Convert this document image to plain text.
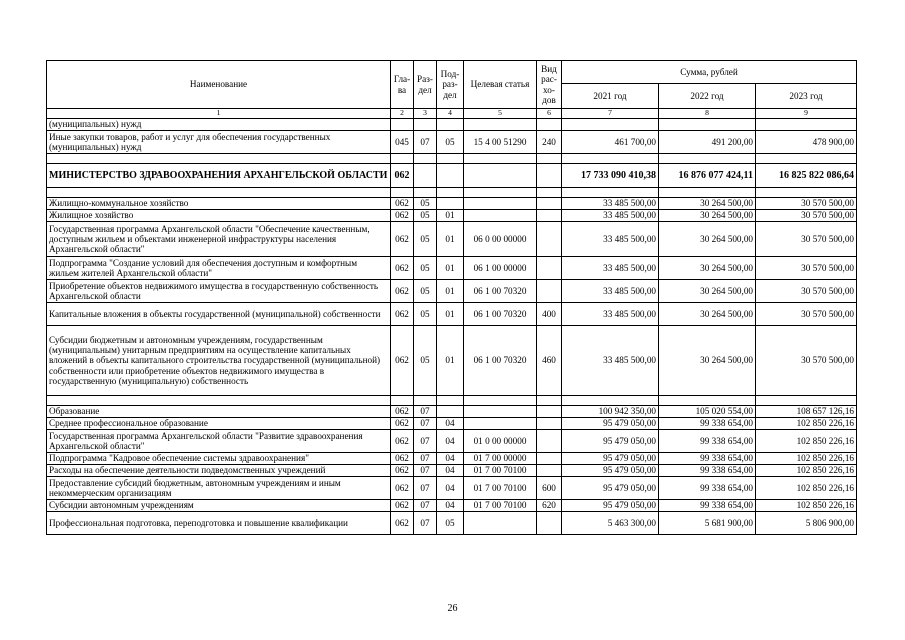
Наименование	Гла-ва	Раз-дел	Под-раз-дел	Целевая статья	Вид рас-хо-дов	Сумма, рублей		
						2021 год	2022 год	2023 год
1	2	3	4	5	6	7	8	9
(муниципальных) нужд								
Иные закупки товаров, работ и услуг для обеспечения государственных (муниципальных) нужд	045	07	05	15 4 00 51290	240	461 700,00	491 200,00	478 900,00

МИНИСТЕРСТВО ЗДРАВООХРАНЕНИЯ АРХАНГЕЛЬСКОЙ ОБЛАСТИ	062					17 733 090 410,38	16 876 077 424,11	16 825 822 086,64

Жилищно-коммунальное хозяйство	062	05				33 485 500,00	30 264 500,00	30 570 500,00
Жилищное хозяйство	062	05	01			33 485 500,00	30 264 500,00	30 570 500,00
Государственная программа Архангельской области "Обеспечение качественным, доступным жильем и объектами инженерной инфраструктуры населения Архангельской области"	062	05	01	06 0 00 00000		33 485 500,00	30 264 500,00	30 570 500,00
Подпрограмма "Создание условий для обеспечения доступным и комфортным жильем жителей Архангельской области"	062	05	01	06 1 00 00000		33 485 500,00	30 264 500,00	30 570 500,00
Приобретение объектов недвижимого имущества в государственную собственность Архангельской области	062	05	01	06 1 00 70320		33 485 500,00	30 264 500,00	30 570 500,00
Капитальные вложения в объекты государственной (муниципальной) собственности	062	05	01	06 1 00 70320	400	33 485 500,00	30 264 500,00	30 570 500,00
Субсидии бюджетным и автономным учреждениям, государственным (муниципальным) унитарным предприятиям на осуществление капитальных вложений в объекты капитального строительства государственной (муниципальной) собственности или приобретение объектов недвижимого имущества в государственную (муниципальную) собственность	062	05	01	06 1 00 70320	460	33 485 500,00	30 264 500,00	30 570 500,00

Образование	062	07				100 942 350,00	105 020 554,00	108 657 126,16
Среднее профессиональное образование	062	07	04			95 479 050,00	99 338 654,00	102 850 226,16
Государственная программа Архангельской области "Развитие здравоохранения Архангельской области"	062	07	04	01 0 00 00000		95 479 050,00	99 338 654,00	102 850 226,16
Подпрограмма "Кадровое обеспечение системы здравоохранения"	062	07	04	01 7 00 00000		95 479 050,00	99 338 654,00	102 850 226,16
Расходы на обеспечение деятельности подведомственных учреждений	062	07	04	01 7 00 70100		95 479 050,00	99 338 654,00	102 850 226,16
Предоставление субсидий бюджетным, автономным учреждениям и иным некоммерческим организациям	062	07	04	01 7 00 70100	600	95 479 050,00	99 338 654,00	102 850 226,16
Субсидии автономным учреждениям	062	07	04	01 7 00 70100	620	95 479 050,00	99 338 654,00	102 850 226,16
Профессиональная подготовка, переподготовка и повышение квалификации	062	07	05			5 463 300,00	5 681 900,00	5 806 900,00
26
